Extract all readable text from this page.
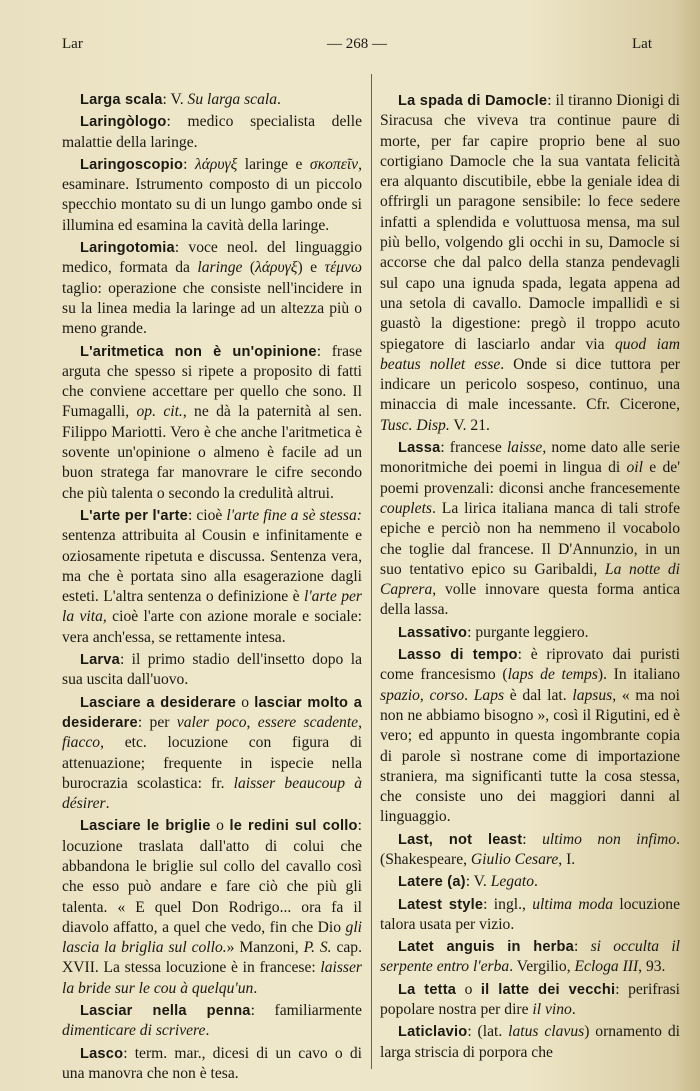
Lar	— 268 —	Lat

Larga scala: V. Su larga scala.

Laringòlogo: medico specialista delle malattie della laringe.

Laringoscopio: λάρυγξ laringe e σκοπεῖν, esaminare. Istrumento composto di un piccolo specchio montato su di un lungo gambo onde si illumina ed esamina la cavità della laringe.

Laringotomia: voce neol. del linguaggio medico, formata da laringe (λάρυγξ) e τέμνω taglio: operazione che consiste nell'incidere in su la linea media la laringe ad un altezza più o meno grande.

L'aritmetica non è un'opinione: frase arguta che spesso si ripete a proposito di fatti che conviene accettare per quello che sono. Il Fumagalli, op. cit., ne dà la paternità al sen. Filippo Mariotti. Vero è che anche l'aritmetica è sovente un'opinione o almeno è facile ad un buon stratega far manovrare le cifre secondo che più talenta o secondo la credulità altrui.

L'arte per l'arte: cioè l'arte fine a sè stessa: sentenza attribuita al Cousin e infinitamente e oziosamente ripetuta e discussa. Sentenza vera, ma che è portata sino alla esagerazione dagli esteti. L'altra sentenza o definizione è l'arte per la vita, cioè l'arte con azione morale e sociale: vera anch'essa, se rettamente intesa.

Larva: il primo stadio dell'insetto dopo la sua uscita dall'uovo.

Lasciare a desiderare o lasciar molto a desiderare: per valer poco, essere scadente, fiacco, etc. locuzione con figura di attenuazione; frequente in ispecie nella burocrazia scolastica: fr. laisser beaucoup à désirer.

Lasciare le briglie o le redini sul collo: locuzione traslata dall'atto di colui che abbandona le briglie sul collo del cavallo così che esso può andare e fare ciò che più gli talenta. « E quel Don Rodrigo... ora fa il diavolo affatto, a quel che vedo, fin che Dio gli lascia la briglia sul collo.» Manzoni, P. S. cap. XVII. La stessa locuzione è in francese: laisser la bride sur le cou à quelqu'un.

Lasciar nella penna: familiarmente dimenticare di scrivere.

Lasco: term. mar., dicesi di un cavo o di una manovra che non è tesa.

La spada di Damocle: il tiranno Dionigi di Siracusa che viveva tra continue paure di morte, per far capire proprio bene al suo cortigiano Damocle che la sua vantata felicità era alquanto discutibile, ebbe la geniale idea di offrirgli un paragone sensibile: lo fece sedere infatti a splendida e voluttuosa mensa, ma sul più bello, volgendo gli occhi in su, Damocle si accorse che dal palco della stanza pendevagli sul capo una ignuda spada, legata appena ad una setola di cavallo. Damocle impallidì e si guastò la digestione: pregò il troppo acuto spiegatore di lasciarlo andar via quod iam beatus nollet esse. Onde si dice tuttora per indicare un pericolo sospeso, continuo, una minaccia di male incessante. Cfr. Cicerone, Tusc. Disp. V. 21.

Lassa: francese laisse, nome dato alle serie monoritmiche dei poemi in lingua di oil e de' poemi provenzali: diconsi anche francesemente couplets. La lirica italiana manca di tali strofe epiche e perciò non ha nemmeno il vocabolo che toglie dal francese. Il D'Annunzio, in un suo tentativo epico su Garibaldi, La notte di Caprera, volle innovare questa forma antica della lassa.

Lassativo: purgante leggiero.

Lasso di tempo: è riprovato dai puristi come francesismo (laps de temps). In italiano spazio, corso. Laps è dal lat. lapsus, « ma noi non ne abbiamo bisogno », così il Rigutini, ed è vero; ed appunto in questa ingombrante copia di parole sì nostrane come di importazione straniera, ma significanti tutte la cosa stessa, che consiste uno dei maggiori danni al linguaggio.

Last, not least: ultimo non infimo. (Shakespeare, Giulio Cesare, I.

Latere (a): V. Legato.

Latest style: ingl., ultima moda locuzione talora usata per vizio.

Latet anguis in herba: si occulta il serpente entro l'erba. Vergilio, Ecloga III, 93.

La tetta o il latte dei vecchi: perifrasi popolare nostra per dire il vino.

Laticlavio: (lat. latus clavus) ornamento di larga striscia di porpora che
